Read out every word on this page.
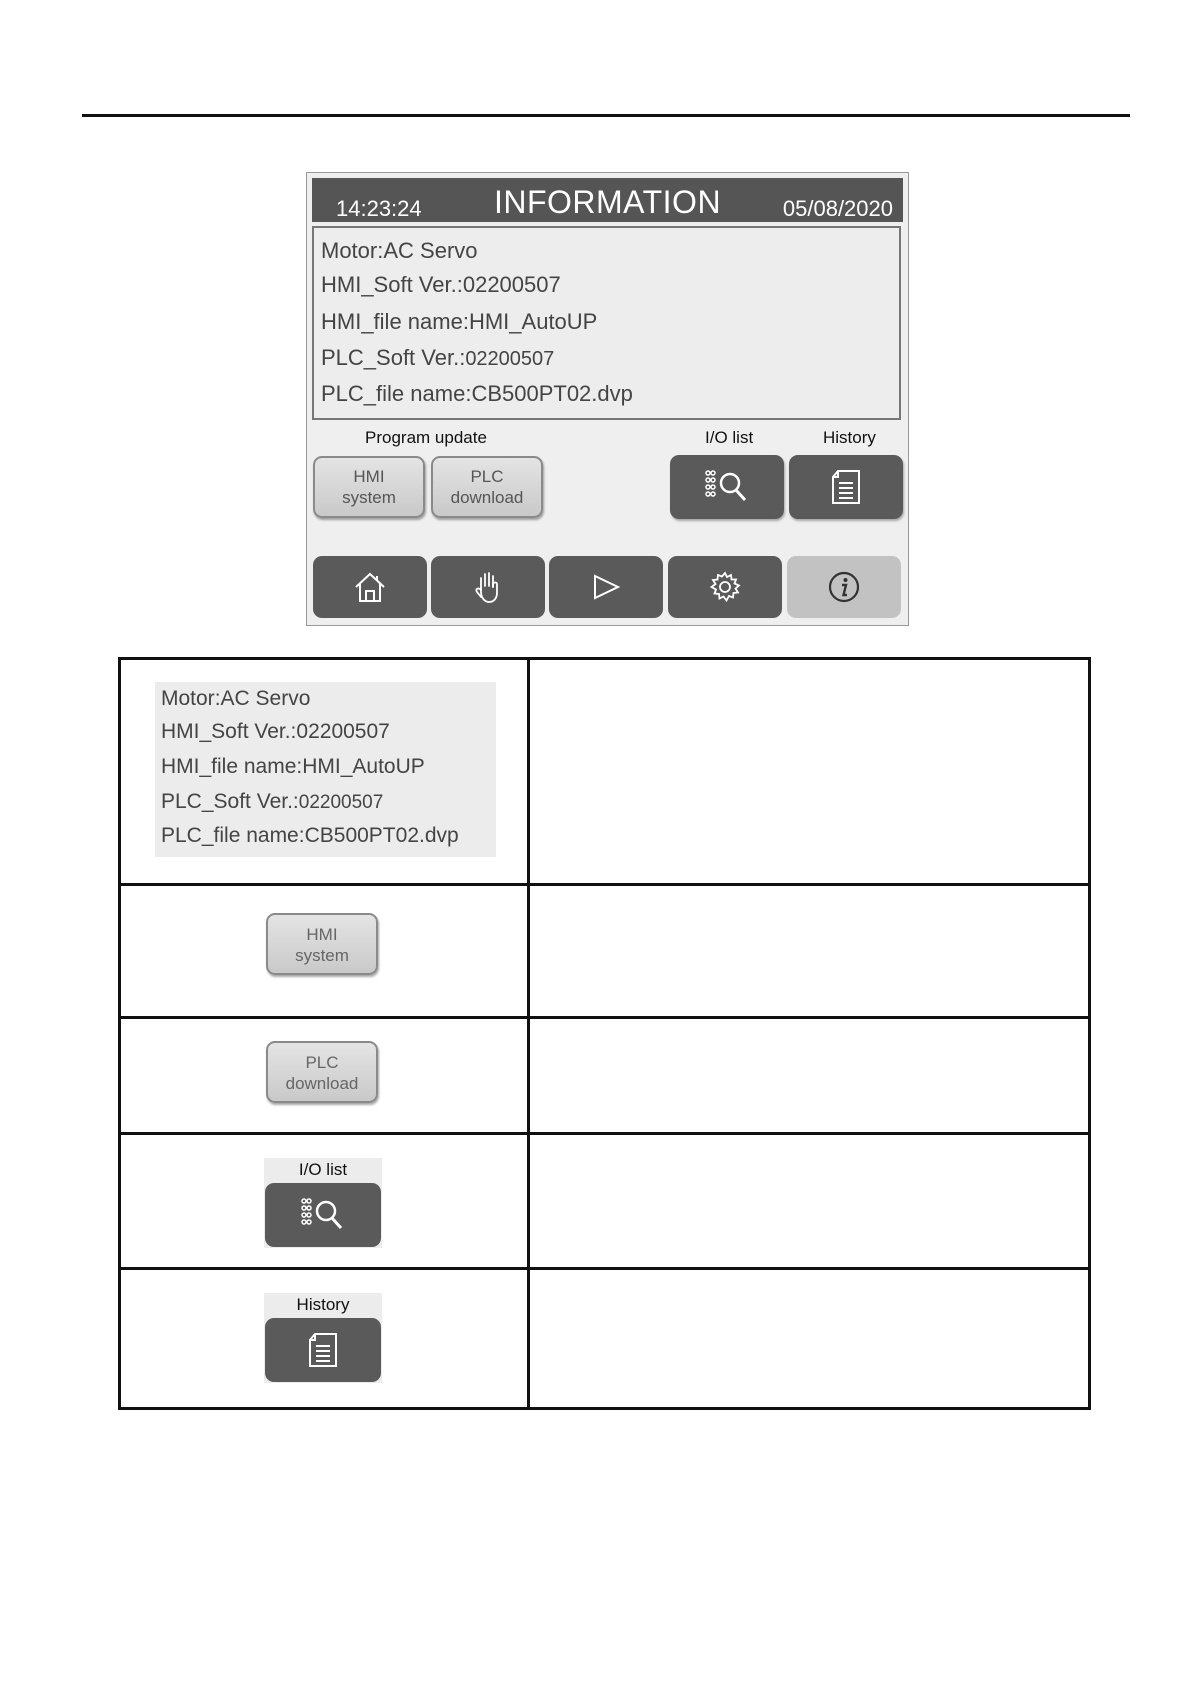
14:23:24	INFORMATION	05/08/2020
Motor:AC Servo
HMI_Soft Ver.:02200507
HMI_file name:HMI_AutoUP
PLC_Soft Ver.:02200507
PLC_file name:CB500PT02.dvp
Program update	I/O list	History
HMI
system
PLC
download
Motor:AC Servo
HMI_Soft Ver.:02200507
HMI_file name:HMI_AutoUP
PLC_Soft Ver.:02200507
PLC_file name:CB500PT02.dvp
HMI
system
PLC
download
I/O list
History
